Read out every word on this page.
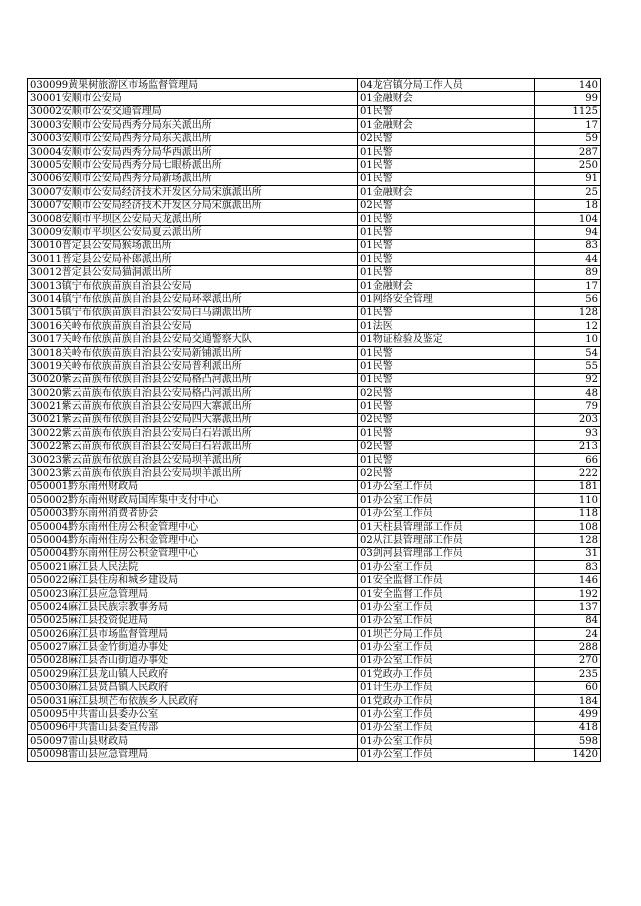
030099黄果树旅游区市场监督管理局	04龙宫镇分局工作人员	140
30001安顺市公安局	01金融财会	99
30002安顺市公安交通管理局	01民警	1125
30003安顺市公安局西秀分局东关派出所	01金融财会	17
30003安顺市公安局西秀分局东关派出所	02民警	59
30004安顺市公安局西秀分局华西派出所	01民警	287
30005安顺市公安局西秀分局七眼桥派出所	01民警	250
30006安顺市公安局西秀分局新场派出所	01民警	91
30007安顺市公安局经济技术开发区分局宋旗派出所	01金融财会	25
30007安顺市公安局经济技术开发区分局宋旗派出所	02民警	18
30008安顺市平坝区公安局天龙派出所	01民警	104
30009安顺市平坝区公安局夏云派出所	01民警	94
30010普定县公安局猴场派出所	01民警	83
30011普定县公安局补郎派出所	01民警	44
30012普定县公安局猫洞派出所	01民警	89
30013镇宁布依族苗族自治县公安局	01金融财会	17
30014镇宁布依族苗族自治县公安局环翠派出所	01网络安全管理	56
30015镇宁布依族苗族自治县公安局白马湖派出所	01民警	128
30016关岭布依族苗族自治县公安局	01法医	12
30017关岭布依族苗族自治县公安局交通警察大队	01物证检验及鉴定	10
30018关岭布依族苗族自治县公安局新铺派出所	01民警	54
30019关岭布依族苗族自治县公安局普利派出所	01民警	55
30020紫云苗族布依族自治县公安局格凸河派出所	01民警	92
30020紫云苗族布依族自治县公安局格凸河派出所	02民警	48
30021紫云苗族布依族自治县公安局四大寨派出所	01民警	79
30021紫云苗族布依族自治县公安局四大寨派出所	02民警	203
30022紫云苗族布依族自治县公安局白石岩派出所	01民警	93
30022紫云苗族布依族自治县公安局白石岩派出所	02民警	213
30023紫云苗族布依族自治县公安局坝羊派出所	01民警	66
30023紫云苗族布依族自治县公安局坝羊派出所	02民警	222
050001黔东南州财政局	01办公室工作员	181
050002黔东南州财政局国库集中支付中心	01办公室工作员	110
050003黔东南州消费者协会	01办公室工作员	118
050004黔东南州住房公积金管理中心	01天柱县管理部工作员	108
050004黔东南州住房公积金管理中心	02从江县管理部工作员	128
050004黔东南州住房公积金管理中心	03剑河县管理部工作员	31
050021麻江县人民法院	01办公室工作员	83
050022麻江县住房和城乡建设局	01安全监督工作员	146
050023麻江县应急管理局	01安全监督工作员	192
050024麻江县民族宗教事务局	01办公室工作员	137
050025麻江县投资促进局	01办公室工作员	84
050026麻江县市场监督管理局	01坝芒分局工作员	24
050027麻江县金竹街道办事处	01办公室工作员	288
050028麻江县杏山街道办事处	01办公室工作员	270
050029麻江县龙山镇人民政府	01党政办工作员	235
050030麻江县贤昌镇人民政府	01计生办工作员	60
050031麻江县坝芒布依族乡人民政府	01党政办工作员	184
050095中共雷山县委办公室	01办公室工作员	499
050096中共雷山县委宣传部	01办公室工作员	418
050097雷山县财政局	01办公室工作员	598
050098雷山县应急管理局	01办公室工作员	1420
